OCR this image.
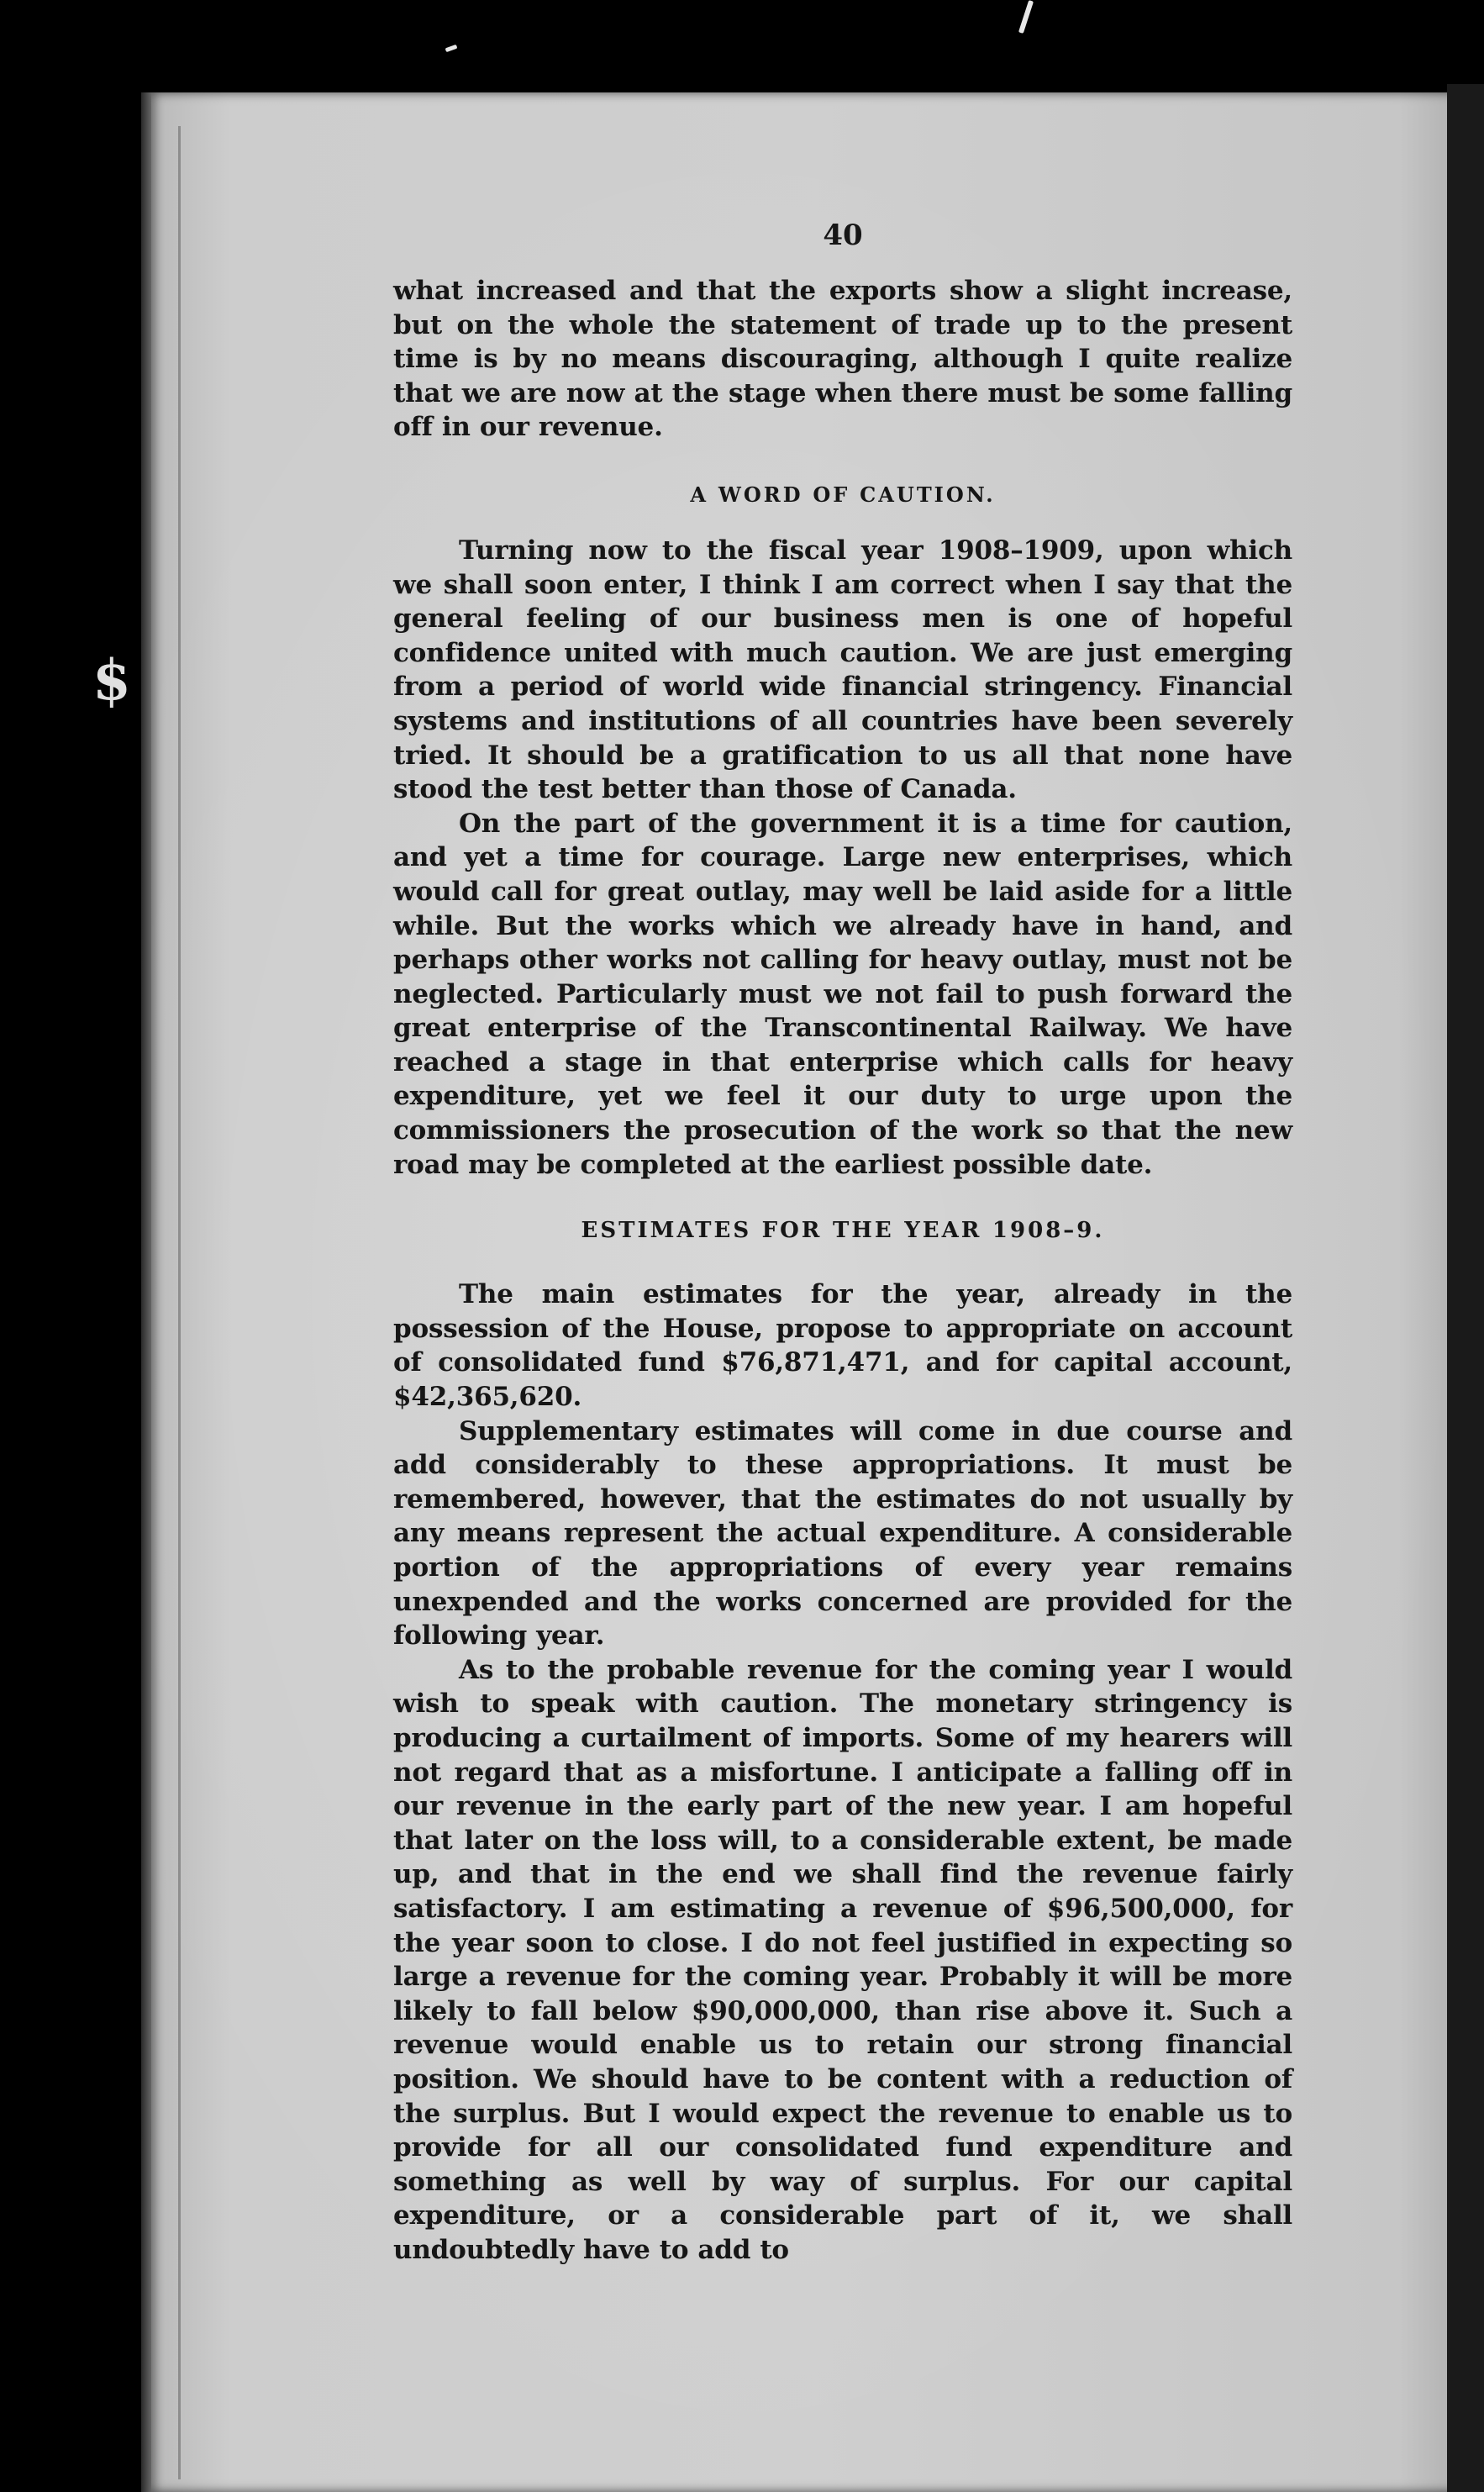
$
40

what increased and that the exports show a slight increase, but on the whole the statement of trade up to the present time is by no means discouraging, although I quite realize that we are now at the stage when there must be some falling off in our revenue.

A WORD OF CAUTION.

Turning now to the fiscal year 1908–1909, upon which we shall soon enter, I think I am correct when I say that the general feeling of our business men is one of hopeful confidence united with much caution. We are just emerging from a period of world wide financial stringency. Financial systems and institutions of all countries have been severely tried. It should be a gratification to us all that none have stood the test better than those of Canada.

On the part of the government it is a time for caution, and yet a time for courage. Large new enterprises, which would call for great outlay, may well be laid aside for a little while. But the works which we already have in hand, and perhaps other works not calling for heavy outlay, must not be neglected. Particularly must we not fail to push forward the great enterprise of the Transcontinental Railway. We have reached a stage in that enterprise which calls for heavy expenditure, yet we feel it our duty to urge upon the commissioners the prosecution of the work so that the new road may be completed at the earliest possible date.

ESTIMATES FOR THE YEAR 1908–9.

The main estimates for the year, already in the possession of the House, propose to appropriate on account of consolidated fund $76,871,471, and for capital account, $42,365,620.

Supplementary estimates will come in due course and add considerably to these appropriations. It must be remembered, however, that the estimates do not usually by any means represent the actual expenditure. A considerable portion of the appropriations of every year remains unexpended and the works concerned are provided for the following year.

As to the probable revenue for the coming year I would wish to speak with caution. The monetary stringency is producing a curtailment of imports. Some of my hearers will not regard that as a misfortune. I anticipate a falling off in our revenue in the early part of the new year. I am hopeful that later on the loss will, to a considerable extent, be made up, and that in the end we shall find the revenue fairly satisfactory. I am estimating a revenue of $96,500,000, for the year soon to close. I do not feel justified in expecting so large a revenue for the coming year. Probably it will be more likely to fall below $90,000,000, than rise above it. Such a revenue would enable us to retain our strong financial position. We should have to be content with a reduction of the surplus. But I would expect the revenue to enable us to provide for all our consolidated fund expenditure and something as well by way of surplus. For our capital expenditure, or a considerable part of it, we shall undoubtedly have to add to
